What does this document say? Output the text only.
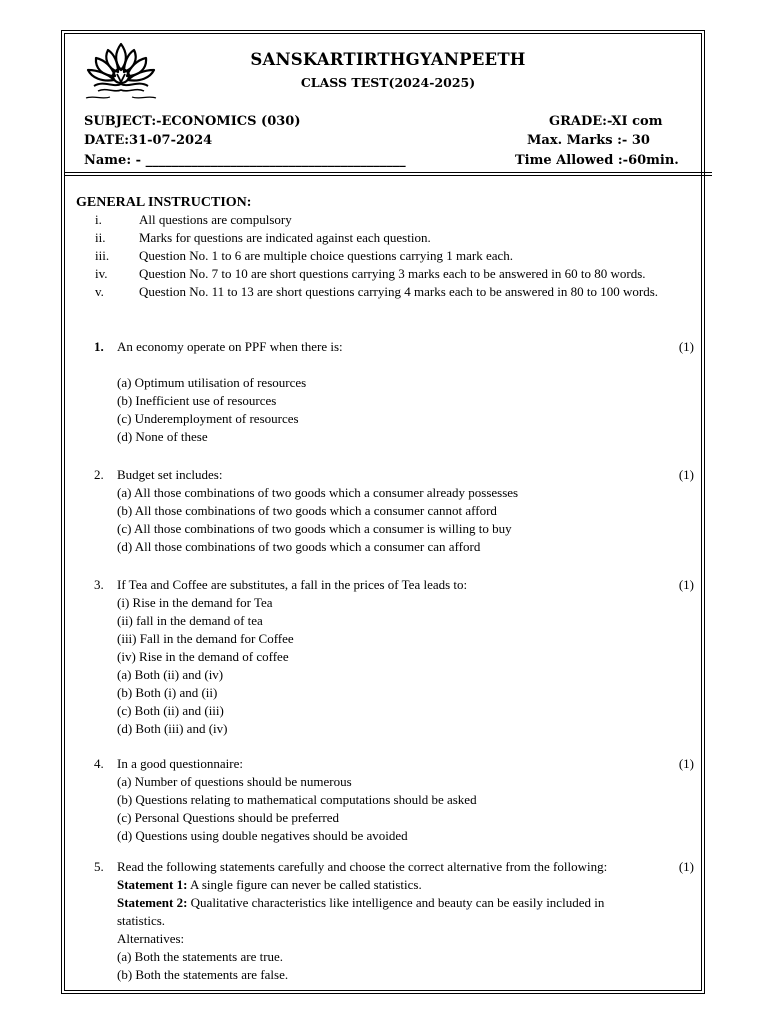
SANSKARTIRTHGYANPEETH
CLASS TEST(2024-2025)
SUBJECT:-ECONOMICS (030)	GRADE:-XI com
DATE:31-07-2024	Max. Marks :- 30
Name: - ________________________________________	Time Allowed :-60min.
GENERAL INSTRUCTION:
i.	All questions are compulsory
ii.	Marks for questions are indicated against each question.
iii.	Question No. 1 to 6 are multiple choice questions carrying 1 mark each.
iv.	Question No. 7 to 10 are short questions carrying 3 marks each to be answered in 60 to 80 words.
v.	Question No. 11 to 13 are short questions carrying 4 marks each to be answered in 80 to 100 words.
1.	An economy operate on PPF when there is:	(1)
(a) Optimum utilisation of resources
(b) Inefficient use of resources
(c) Underemployment of resources
(d) None of these
2.	Budget set includes:	(1)
(a) All those combinations of two goods which a consumer already possesses
(b) All those combinations of two goods which a consumer cannot afford
(c) All those combinations of two goods which a consumer is willing to buy
(d) All those combinations of two goods which a consumer can afford
3.	If Tea and Coffee are substitutes, a fall in the prices of Tea leads to:	(1)
(i) Rise in the demand for Tea
(ii) fall in the demand of tea
(iii) Fall in the demand for Coffee
(iv) Rise in the demand of coffee
(a) Both (ii) and (iv)
(b) Both (i) and (ii)
(c) Both (ii) and (iii)
(d) Both (iii) and (iv)
4.	In a good questionnaire:	(1)
(a) Number of questions should be numerous
(b) Questions relating to mathematical computations should be asked
(c) Personal Questions should be preferred
(d) Questions using double negatives should be avoided
5.	Read the following statements carefully and choose the correct alternative from the following:	(1)
Statement 1: A single figure can never be called statistics.
Statement 2: Qualitative characteristics like intelligence and beauty can be easily included in statistics.
Alternatives:
(a) Both the statements are true.
(b) Both the statements are false.
